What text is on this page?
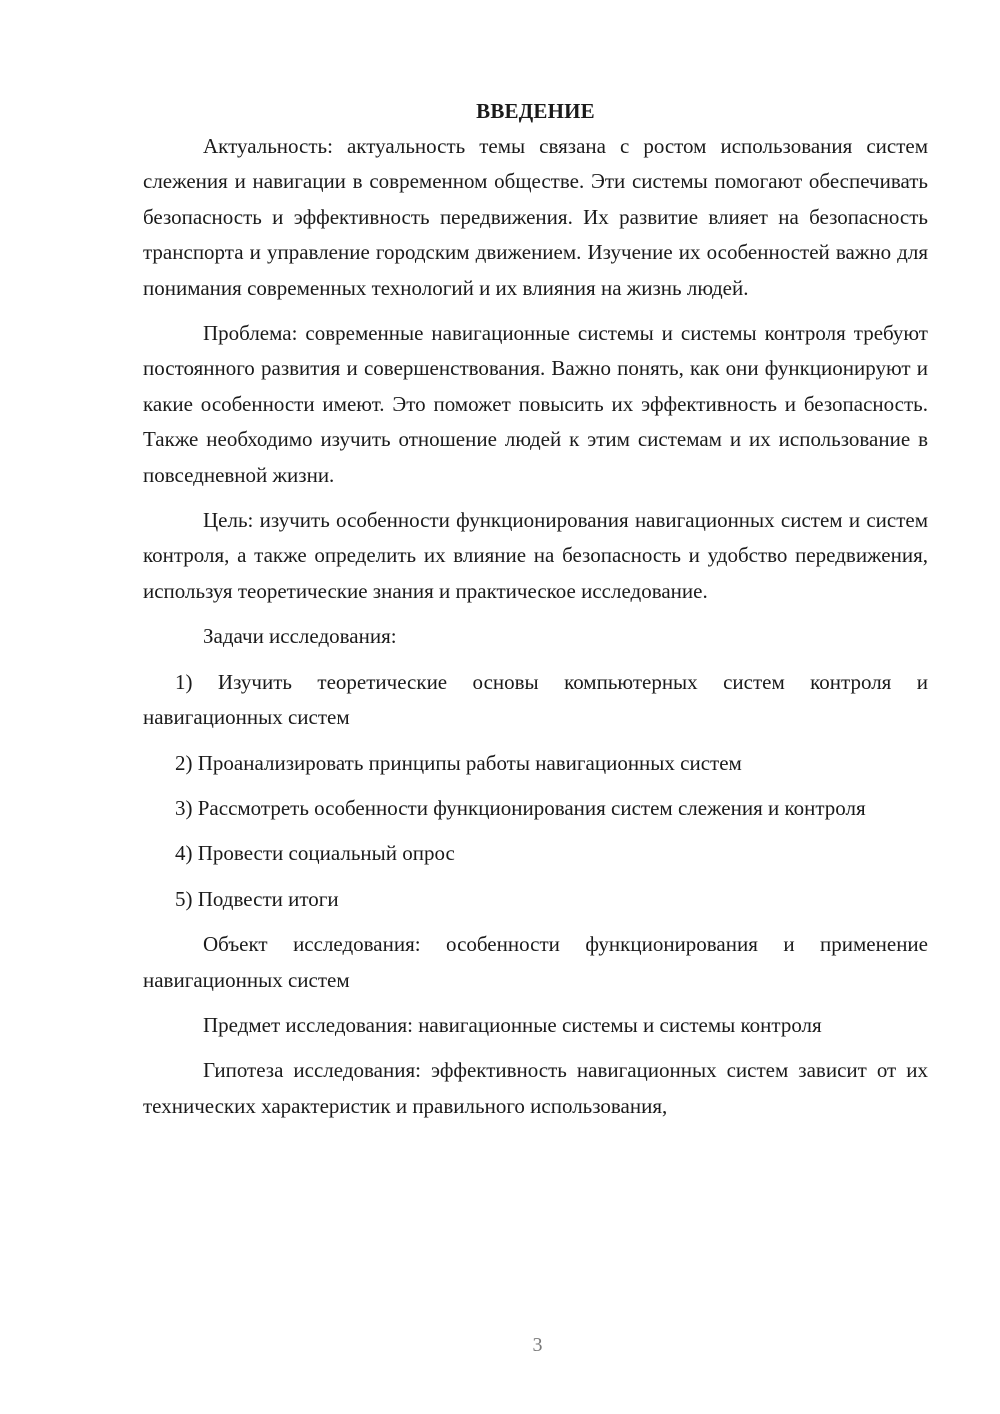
ВВЕДЕНИЕ

Актуальность: актуальность темы связана с ростом использования систем слежения и навигации в современном обществе. Эти системы помогают обеспечивать безопасность и эффективность передвижения. Их развитие влияет на безопасность транспорта и управление городским движением. Изучение их особенностей важно для понимания современных технологий и их влияния на жизнь людей.

Проблема: современные навигационные системы и системы контроля требуют постоянного развития и совершенствования. Важно понять, как они функционируют и какие особенности имеют. Это поможет повысить их эффективность и безопасность. Также необходимо изучить отношение людей к этим системам и их использование в повседневной жизни.

Цель: изучить особенности функционирования навигационных систем и систем контроля, а также определить их влияние на безопасность и удобство передвижения, используя теоретические знания и практическое исследование.

Задачи исследования:

1) Изучить теоретические основы компьютерных систем контроля и навигационных систем

2) Проанализировать принципы работы навигационных систем

3) Рассмотреть особенности функционирования систем слежения и контроля

4) Провести социальный опрос

5) Подвести итоги

Объект исследования: особенности функционирования и применение навигационных систем

Предмет исследования: навигационные системы и системы контроля

Гипотеза исследования: эффективность навигационных систем зависит от их технических характеристик и правильного использования,

3
